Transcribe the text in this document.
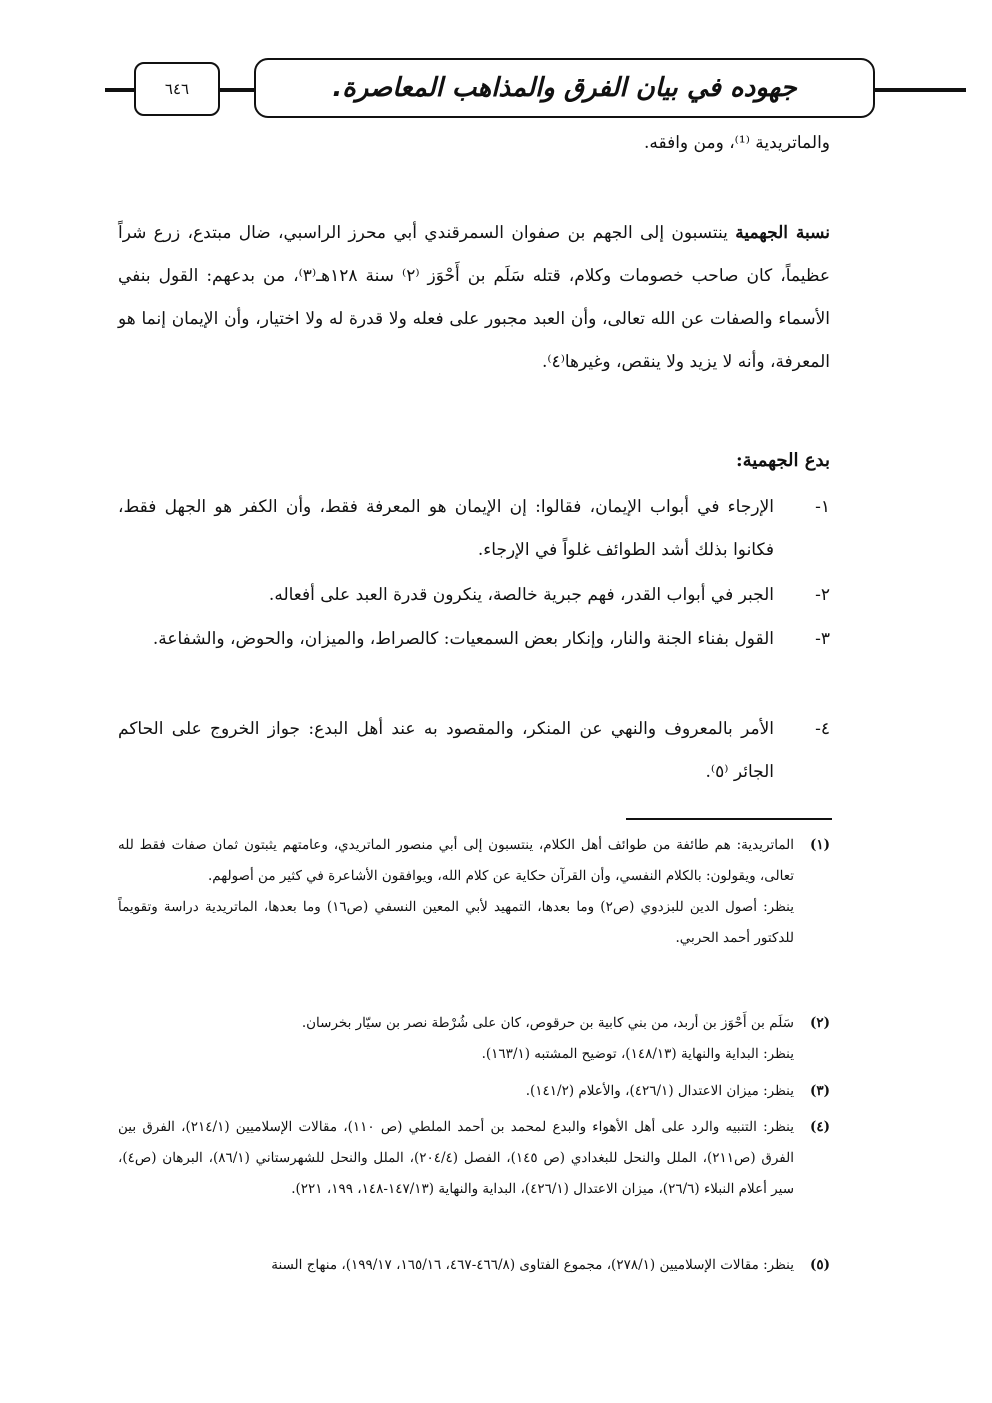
٦٤٦	جهوده في بيان الفرق والمذاهب المعاصرة.
والماتريدية ⁽¹⁾، ومن وافقه.
نسبة الجهمية ينتسبون إلى الجهم بن صفوان السمرقندي أبي محرز الراسبي، ضال مبتدع، زرع شراً عظيماً، كان صاحب خصومات وكلام، قتله سَلَم بن أَحْوَز ⁽٢⁾ سنة ١٢٨هـ⁽٣⁾، من بدعهم: القول بنفي الأسماء والصفات عن الله تعالى، وأن العبد مجبور على فعله ولا قدرة له ولا اختيار، وأن الإيمان إنما هو المعرفة، وأنه لا يزيد ولا ينقص، وغيرها⁽٤⁾.
بدع الجهمية:
١-
الإرجاء في أبواب الإيمان، فقالوا: إن الإيمان هو المعرفة فقط، وأن الكفر هو الجهل فقط، فكانوا بذلك أشد الطوائف غلواً في الإرجاء.
٢-
الجبر في أبواب القدر، فهم جبرية خالصة، ينكرون قدرة العبد على أفعاله.
٣-
القول بفناء الجنة والنار، وإنكار بعض السمعيات: كالصراط، والميزان، والحوض، والشفاعة.
٤-
الأمر بالمعروف والنهي عن المنكر، والمقصود به عند أهل البدع: جواز الخروج على الحاكم الجائر ⁽٥⁾.
(١)
الماتريدية: هم طائفة من طوائف أهل الكلام، ينتسبون إلى أبي منصور الماتريدي، وعامتهم يثبتون ثمان صفات فقط لله تعالى، ويقولون: بالكلام النفسي، وأن القرآن حكاية عن كلام الله، ويوافقون الأشاعرة في كثير من أصولهم.
ينظر: أصول الدين للبزدوي (ص٢) وما بعدها، التمهيد لأبي المعين النسفي (ص١٦) وما بعدها، الماتريدية دراسة وتقويماً للدكتور أحمد الحربي.
(٢)
سَلَم بن أَحْوَز بن أربد، من بني كابية بن حرقوص، كان على شُرْطة نصر بن سيّار بخرسان.
ينظر: البداية والنهاية (١٤٨/١٣)، توضيح المشتبه (١٦٣/١).
(٣)
ينظر: ميزان الاعتدال (٤٢٦/١)، والأعلام (١٤١/٢).
(٤)
ينظر: التنبيه والرد على أهل الأهواء والبدع لمحمد بن أحمد الملطي (ص ١١٠)، مقالات الإسلاميين (٢١٤/١)، الفرق بين الفرق (ص٢١١)، الملل والنحل للبغدادي (ص ١٤٥)، الفصل (٢٠٤/٤)، الملل والنحل للشهرستاني (٨٦/١)، البرهان (ص٤)، سير أعلام النبلاء (٢٦/٦)، ميزان الاعتدال (٤٢٦/١)، البداية والنهاية (١٤٧/١٣-١٤٨، ١٩٩، ٢٢١).
(٥)
ينظر: مقالات الإسلاميين (٢٧٨/١)، مجموع الفتاوى (٤٦٦/٨-٤٦٧، ١٦٥/١٦، ١٩٩/١٧)، منهاج السنة
